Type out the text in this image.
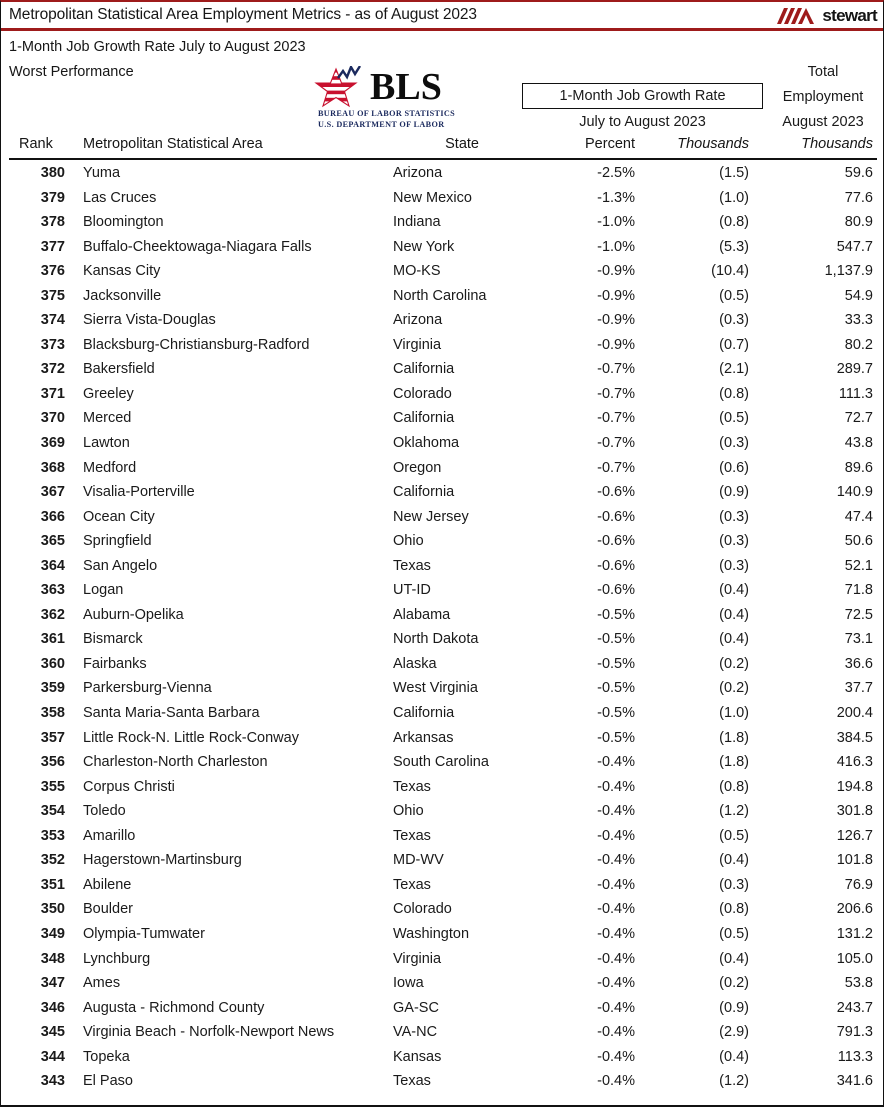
Metropolitan Statistical Area Employment Metrics - as of August 2023	stewart
1-Month Job Growth Rate July to August 2023
Worst Performance	BLS
BUREAU OF LABOR STATISTICS
U.S. DEPARTMENT OF LABOR
1-Month Job Growth Rate
July to August 2023
Total
Employment
August 2023
Rank Metropolitan Statistical Area	State	Percent	Thousands	Thousands
380 Yuma	Arizona	-2.5%	(1.5)	59.6
379 Las Cruces	New Mexico	-1.3%	(1.0)	77.6
378 Bloomington	Indiana	-1.0%	(0.8)	80.9
377 Buffalo-Cheektowaga-Niagara Falls	New York	-1.0%	(5.3)	547.7
376 Kansas City	MO-KS	-0.9%	(10.4)	1,137.9
375 Jacksonville	North Carolina	-0.9%	(0.5)	54.9
374 Sierra Vista-Douglas	Arizona	-0.9%	(0.3)	33.3
373 Blacksburg-Christiansburg-Radford	Virginia	-0.9%	(0.7)	80.2
372 Bakersfield	California	-0.7%	(2.1)	289.7
371 Greeley	Colorado	-0.7%	(0.8)	111.3
370 Merced	California	-0.7%	(0.5)	72.7
369 Lawton	Oklahoma	-0.7%	(0.3)	43.8
368 Medford	Oregon	-0.7%	(0.6)	89.6
367 Visalia-Porterville	California	-0.6%	(0.9)	140.9
366 Ocean City	New Jersey	-0.6%	(0.3)	47.4
365 Springfield	Ohio	-0.6%	(0.3)	50.6
364 San Angelo	Texas	-0.6%	(0.3)	52.1
363 Logan	UT-ID	-0.6%	(0.4)	71.8
362 Auburn-Opelika	Alabama	-0.5%	(0.4)	72.5
361 Bismarck	North Dakota	-0.5%	(0.4)	73.1
360 Fairbanks	Alaska	-0.5%	(0.2)	36.6
359 Parkersburg-Vienna	West Virginia	-0.5%	(0.2)	37.7
358 Santa Maria-Santa Barbara	California	-0.5%	(1.0)	200.4
357 Little Rock-N. Little Rock-Conway	Arkansas	-0.5%	(1.8)	384.5
356 Charleston-North Charleston	South Carolina	-0.4%	(1.8)	416.3
355 Corpus Christi	Texas	-0.4%	(0.8)	194.8
354 Toledo	Ohio	-0.4%	(1.2)	301.8
353 Amarillo	Texas	-0.4%	(0.5)	126.7
352 Hagerstown-Martinsburg	MD-WV	-0.4%	(0.4)	101.8
351 Abilene	Texas	-0.4%	(0.3)	76.9
350 Boulder	Colorado	-0.4%	(0.8)	206.6
349 Olympia-Tumwater	Washington	-0.4%	(0.5)	131.2
348 Lynchburg	Virginia	-0.4%	(0.4)	105.0
347 Ames	Iowa	-0.4%	(0.2)	53.8
346 Augusta - Richmond County	GA-SC	-0.4%	(0.9)	243.7
345 Virginia Beach - Norfolk-Newport News	VA-NC	-0.4%	(2.9)	791.3
344 Topeka	Kansas	-0.4%	(0.4)	113.3
343 El Paso	Texas	-0.4%	(1.2)	341.6
